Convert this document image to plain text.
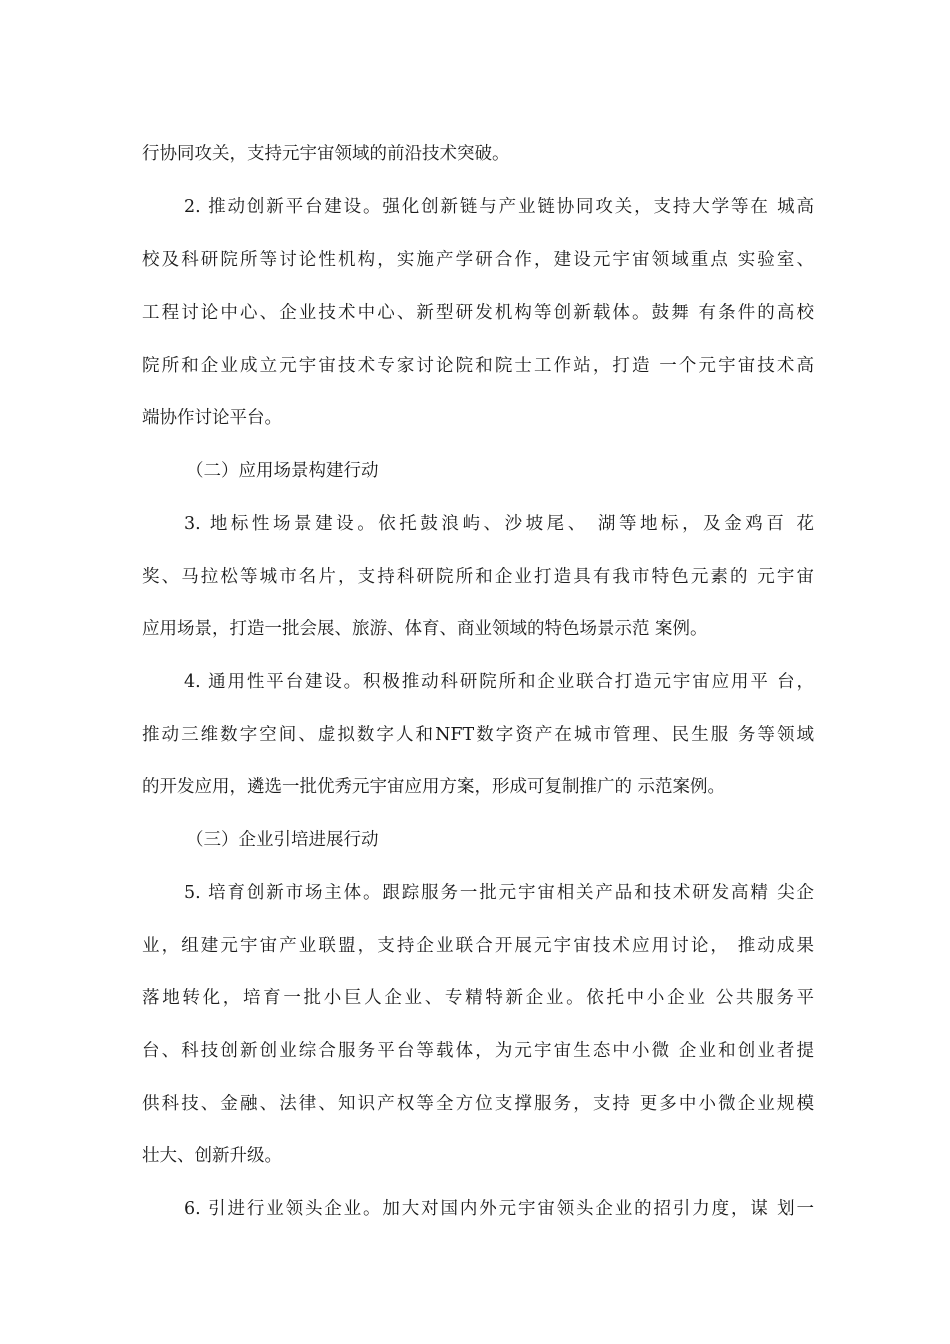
行协同攻关，支持元宇宙领域的前沿技术突破。
2. 推动创新平台建设。强化创新链与产业链协同攻关，支持大学等在 城高
校及科研院所等讨论性机构，实施产学研合作，建设元宇宙领域重点 实验室、
工程讨论中心、企业技术中心、新型研发机构等创新载体。鼓舞 有条件的高校
院所和企业成立元宇宙技术专家讨论院和院士工作站，打造 一个元宇宙技术高
端协作讨论平台。
（二）应用场景构建行动
3. 地标性场景建设。依托鼓浪屿、沙坡尾、 湖等地标，及金鸡百 花
奖、马拉松等城市名片，支持科研院所和企业打造具有我市特色元素的 元宇宙
应用场景，打造一批会展、旅游、体育、商业领域的特色场景示范 案例。
4. 通用性平台建设。积极推动科研院所和企业联合打造元宇宙应用平 台，
推动三维数字空间、虚拟数字人和NFT数字资产在城市管理、民生服 务等领域
的开发应用，遴选一批优秀元宇宙应用方案，形成可复制推广的 示范案例。
（三）企业引培进展行动
5. 培育创新市场主体。跟踪服务一批元宇宙相关产品和技术研发高精 尖企
业，组建元宇宙产业联盟，支持企业联合开展元宇宙技术应用讨论， 推动成果
落地转化，培育一批小巨人企业、专精特新企业。依托中小企业 公共服务平
台、科技创新创业综合服务平台等载体，为元宇宙生态中小微 企业和创业者提
供科技、金融、法律、知识产权等全方位支撑服务，支持 更多中小微企业规模
壮大、创新升级。
6. 引进行业领头企业。加大对国内外元宇宙领头企业的招引力度，谋 划一
